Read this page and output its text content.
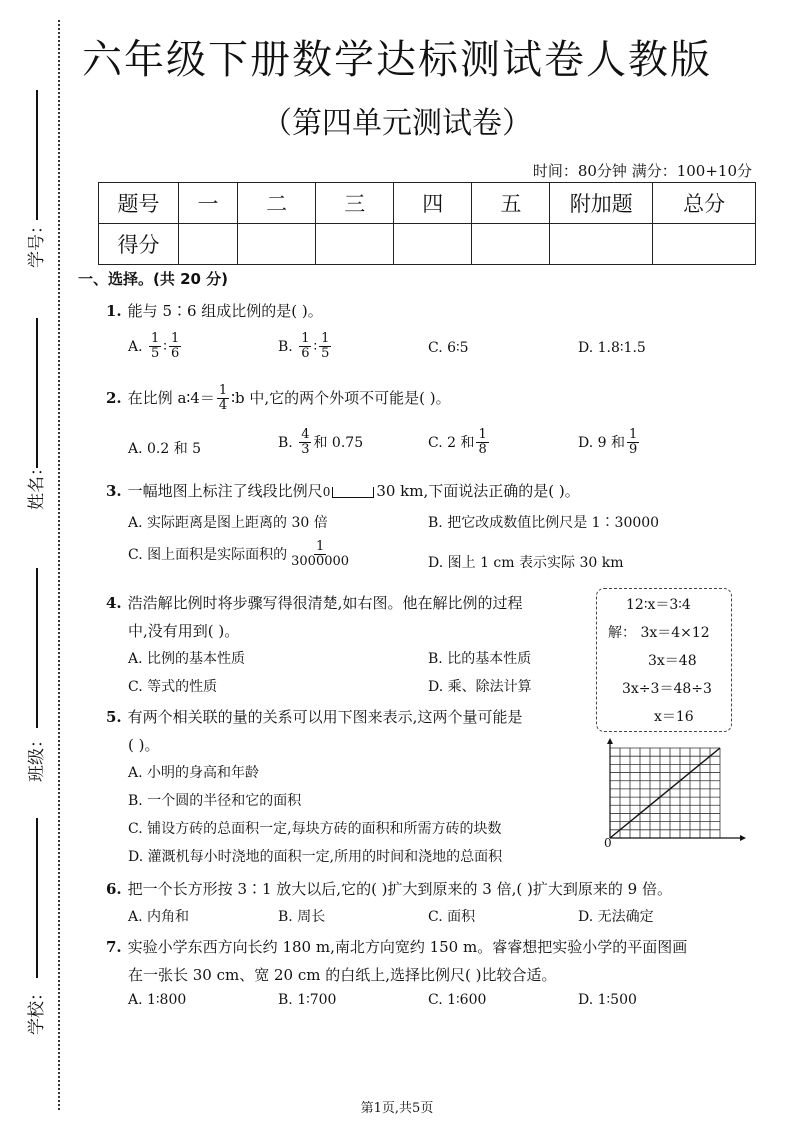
学号：
姓名：
班级：
学校：
六年级下册数学达标测试卷人教版
（第四单元测试卷）
时间：80分钟 满分：100+10分
题号	一	二	三	四	五	附加题	总分
得分							
一、选择。(共 20 分)
1. 能与 5∶6 组成比例的是( )。
A. $\frac{1}{5}$ ∶ $\frac{1}{6}$	B. $\frac{1}{6}$ ∶ $\frac{1}{5}$	C. 6∶5	D. 1.8∶1.5
2. 在比例 a∶4＝ $\frac{1}{4}$ ∶b 中,它的两个外项不可能是( )。
A. 0.2 和 5	B. $\frac{4}{3}$ 和 0.75	C. 2 和 $\frac{1}{8}$	D. 9 和 $\frac{1}{9}$
3. 一幅地图上标注了线段比例尺0	30 km,下面说法正确的是( )。
A. 实际距离是图上距离的 30 倍	B. 把它改成数值比例尺是 1∶30000
C. 图上面积是实际面积的 $\frac{1}{3000000}$	D. 图上 1 cm 表示实际 30 km
4. 浩浩解比例时将步骤写得很清楚,如右图。他在解比例的过程
中,没有用到( )。
A. 比例的基本性质	B. 比的基本性质
C. 等式的性质	D. 乘、除法计算
12∶x＝3∶4
解： 3x＝4×12
3x＝48
3x÷3＝48÷3
x＝16
5. 有两个相关联的量的关系可以用下图来表示,这两个量可能是
( )。
A. 小明的身高和年龄
B. 一个圆的半径和它的面积
C. 铺设方砖的总面积一定,每块方砖的面积和所需方砖的块数
D. 灌溉机每小时浇地的面积一定,所用的时间和浇地的总面积
0
6. 把一个长方形按 3∶1 放大以后,它的( )扩大到原来的 3 倍,( )扩大到原来的 9 倍。
A. 内角和	B. 周长	C. 面积	D. 无法确定
7. 实验小学东西方向长约 180 m,南北方向宽约 150 m。睿睿想把实验小学的平面图画
在一张长 30 cm、宽 20 cm 的白纸上,选择比例尺( )比较合适。
A. 1∶800	B. 1∶700	C. 1∶600	D. 1∶500
第1页,共5页
